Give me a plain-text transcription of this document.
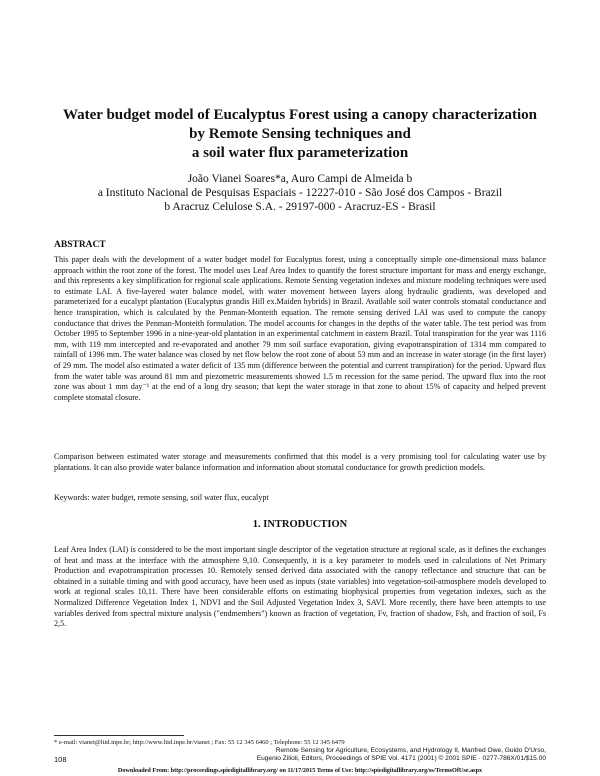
Water budget model of Eucalyptus Forest using a canopy characterization
by Remote Sensing techniques and
a soil water flux parameterization
João Vianei Soares*a, Auro Campi de Almeida b
a Instituto Nacional de Pesquisas Espaciais - 12227-010 - São José dos Campos - Brazil
b Aracruz Celulose S.A. - 29197-000 - Aracruz-ES - Brasil
ABSTRACT
This paper deals with the development of a water budget model for Eucalyptus forest, using a conceptually simple one-dimensional mass balance approach within the root zone of the forest. The model uses Leaf Area Index to quantify the forest structure important for mass and energy exchange, and this represents a key simplification for regional scale applications. Remote Sensing vegetation indexes and mixture modeling techniques were used to estimate LAI. A five-layered water balance model, with water movement between layers along hydraulic gradients, was developed and parameterized for a eucalypt plantation (Eucalyptus grandis Hill ex.Maiden hybrids) in Brazil. Available soil water controls stomatal conductance and hence transpiration, which is calculated by the Penman-Monteith equation. The remote sensing derived LAI was used to compute the canopy conductance that drives the Penman-Monteith formulation. The model accounts for changes in the depths of the water table. The test period was from October 1995 to September 1996 in a nine-year-old plantation in an experimental catchment in eastern Brazil. Total transpiration for the year was 1116 mm, with 119 mm intercepted and re-evaporated and another 79 mm soil surface evaporation, giving evapotranspiration of 1314 mm compared to rainfall of 1396 mm. The water balance was closed by net flow below the root zone of about 53 mm and an increase in water storage (in the first layer) of 29 mm. The model also estimated a water deficit of 135 mm (difference between the potential and current transpiration) for the period. Upward flux from the water table was around 81 mm and piezometric measurements showed 1.5 m recession for the same period. The upward flux into the root zone was about 1 mm day⁻¹ at the end of a long dry season; that kept the water storage in that zone to about 15% of capacity and helped prevent complete stomatal closure.
Comparison between estimated water storage and measurements confirmed that this model is a very promising tool for calculating water use by plantations. It can also provide water balance information and information about stomatal conductance for growth prediction models.
Keywords: water budget, remote sensing, soil water flux, eucalypt
1. INTRODUCTION
Leaf Area Index (LAI) is considered to be the most important single descriptor of the vegetation structure at regional scale, as it defines the exchanges of heat and mass at the interface with the atmosphere 9,10. Consequently, it is a key parameter to models used in calculations of Net Primary Production and evapotranspiration processes 10. Remotely sensed derived data associated with the canopy reflectance and structure that can be obtained in a suitable timing and with good accuracy, have been used as inputs (state variables) into vegetation-soil-atmosphere models developed to work at regional scales 10,11. There have been considerable efforts on estimating biophysical properties from vegetation indexes, such as the Normalized Difference Vegetation Index 1, NDVI and the Soil Adjusted Vegetation Index 3, SAVI. More recently, there have been attempts to use variables derived from spectral mixture analysis ("endmembers") known as fraction of vegetation, Fv, fraction of shadow, Fsh, and fraction of soil, Fs 2,5.
* e-mail: vianei@ltid.inpe.br; http://www.ltid.inpe.br/vianei ; Fax: 55 12 345 6460 ; Telephone: 55 12 345 6479
108
Remote Sensing for Agriculture, Ecosystems, and Hydrology II, Manfred Owe, Guido D'Urso,
Eugenio Zilioli, Editors, Proceedings of SPIE Vol. 4171 (2001) © 2001 SPIE · 0277-786X/01/$15.00
Downloaded From: http://proceedings.spiedigitallibrary.org/ on 11/17/2015 Terms of Use: http://spiedigitallibrary.org/ss/TermsOfUse.aspx
